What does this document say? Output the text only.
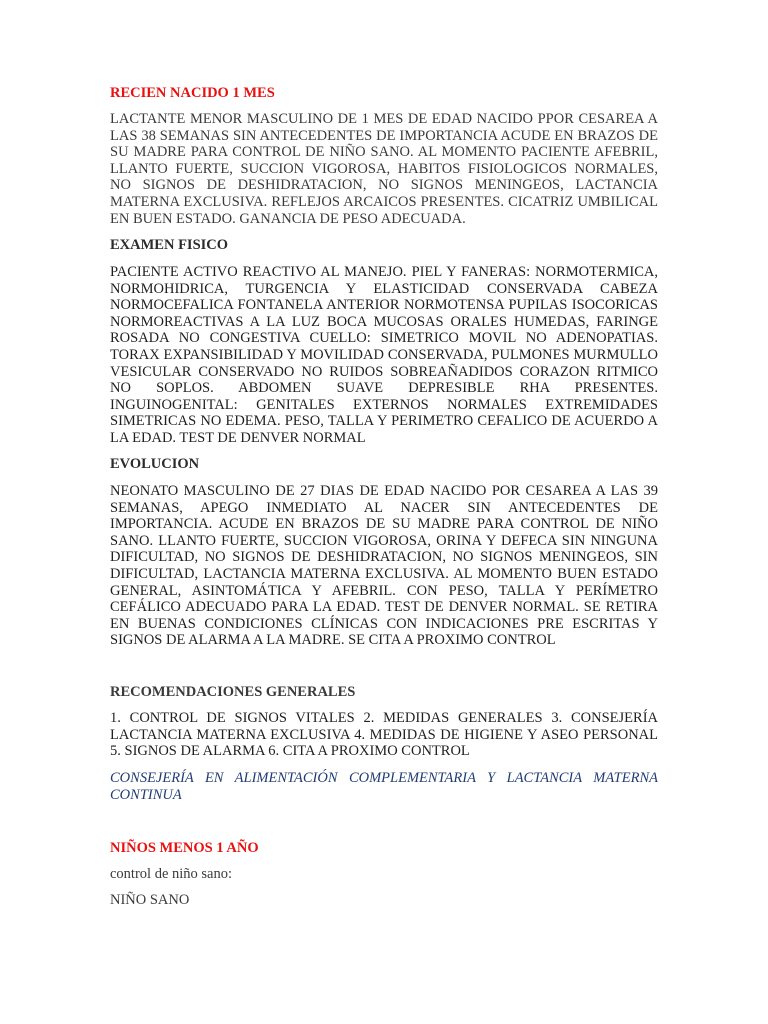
RECIEN NACIDO 1 MES

LACTANTE MENOR MASCULINO DE 1 MES DE EDAD NACIDO PPOR CESAREA A LAS 38 SEMANAS SIN ANTECEDENTES DE IMPORTANCIA ACUDE EN BRAZOS DE SU MADRE PARA CONTROL DE NIÑO SANO. AL MOMENTO PACIENTE AFEBRIL, LLANTO FUERTE, SUCCION VIGOROSA, HABITOS FISIOLOGICOS NORMALES, NO SIGNOS DE DESHIDRATACION, NO SIGNOS MENINGEOS, LACTANCIA MATERNA EXCLUSIVA. REFLEJOS ARCAICOS PRESENTES. CICATRIZ UMBILICAL EN BUEN ESTADO. GANANCIA DE PESO ADECUADA.

EXAMEN FISICO

PACIENTE ACTIVO REACTIVO AL MANEJO. PIEL Y FANERAS: NORMOTERMICA, NORMOHIDRICA, TURGENCIA Y ELASTICIDAD CONSERVADA CABEZA NORMOCEFALICA FONTANELA ANTERIOR NORMOTENSA PUPILAS ISOCORICAS NORMOREACTIVAS A LA LUZ BOCA MUCOSAS ORALES HUMEDAS, FARINGE ROSADA NO CONGESTIVA CUELLO: SIMETRICO MOVIL NO ADENOPATIAS. TORAX EXPANSIBILIDAD Y MOVILIDAD CONSERVADA, PULMONES MURMULLO VESICULAR CONSERVADO NO RUIDOS SOBREAÑADIDOS CORAZON RITMICO NO SOPLOS. ABDOMEN SUAVE DEPRESIBLE RHA PRESENTES. INGUINOGENITAL: GENITALES EXTERNOS NORMALES EXTREMIDADES SIMETRICAS NO EDEMA. PESO, TALLA Y PERIMETRO CEFALICO DE ACUERDO A LA EDAD. TEST DE DENVER NORMAL

EVOLUCION

NEONATO MASCULINO DE 27 DIAS DE EDAD NACIDO POR CESAREA A LAS 39 SEMANAS, APEGO INMEDIATO AL NACER SIN ANTECEDENTES DE IMPORTANCIA. ACUDE EN BRAZOS DE SU MADRE PARA CONTROL DE NIÑO SANO. LLANTO FUERTE, SUCCION VIGOROSA, ORINA Y DEFECA SIN NINGUNA DIFICULTAD, NO SIGNOS DE DESHIDRATACION, NO SIGNOS MENINGEOS, SIN DIFICULTAD, LACTANCIA MATERNA EXCLUSIVA. AL MOMENTO BUEN ESTADO GENERAL, ASINTOMÁTICA Y AFEBRIL. CON PESO, TALLA Y PERÍMETRO CEFÁLICO ADECUADO PARA LA EDAD. TEST DE DENVER NORMAL. SE RETIRA EN BUENAS CONDICIONES CLÍNICAS CON INDICACIONES PRE ESCRITAS Y SIGNOS DE ALARMA A LA MADRE. SE CITA A PROXIMO CONTROL

RECOMENDACIONES GENERALES

1. CONTROL DE SIGNOS VITALES 2. MEDIDAS GENERALES 3. CONSEJERÍA LACTANCIA MATERNA EXCLUSIVA 4. MEDIDAS DE HIGIENE Y ASEO PERSONAL 5. SIGNOS DE ALARMA 6. CITA A PROXIMO CONTROL

CONSEJERÍA EN ALIMENTACIÓN COMPLEMENTARIA Y LACTANCIA MATERNA CONTINUA

NIÑOS MENOS 1 AÑO

control de niño sano:

NIÑO SANO
